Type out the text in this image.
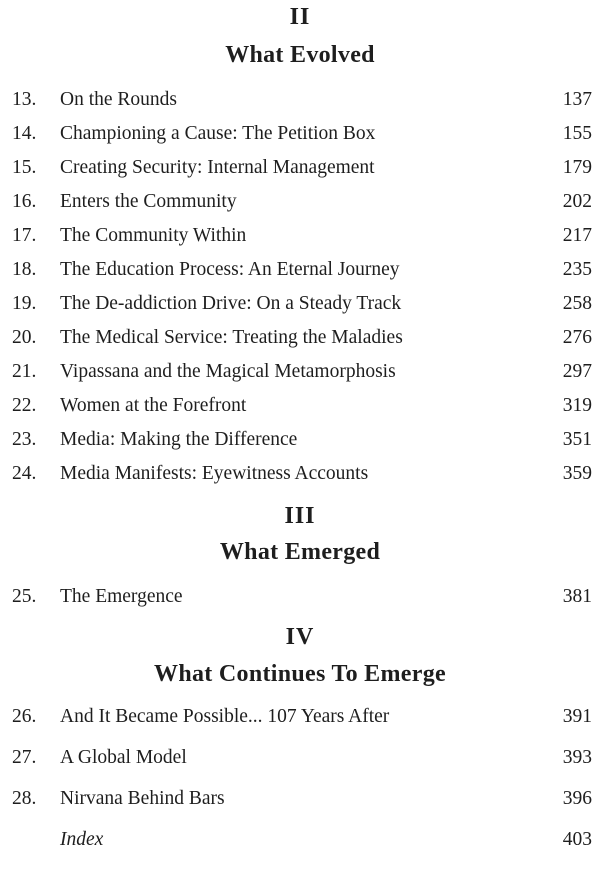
II
What Evolved
13.	On the Rounds	137
14.	Championing a Cause: The Petition Box	155
15.	Creating Security: Internal Management	179
16.	Enters the Community	202
17.	The Community Within	217
18.	The Education Process: An Eternal Journey	235
19.	The De-addiction Drive: On a Steady Track	258
20.	The Medical Service: Treating the Maladies	276
21.	Vipassana and the Magical Metamorphosis	297
22.	Women at the Forefront	319
23.	Media: Making the Difference	351
24.	Media Manifests: Eyewitness Accounts	359
III
What Emerged
25.	The Emergence	381
IV
What Continues To Emerge
26.	And It Became Possible... 107 Years After	391
27.	A Global Model	393
28.	Nirvana Behind Bars	396
Index	403
